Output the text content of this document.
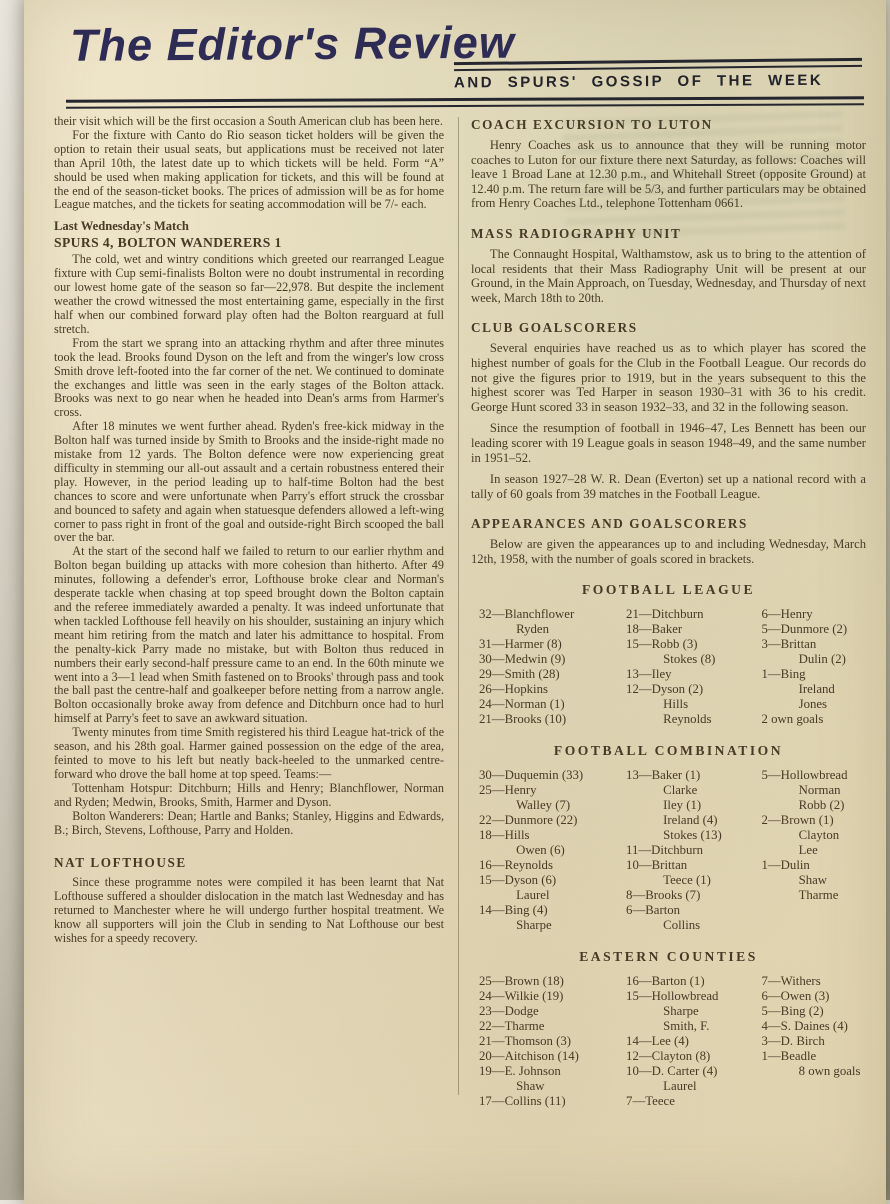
The Editor's Review
AND SPURS' GOSSIP OF THE WEEK
their visit which will be the first occasion a South American club has been here.
For the fixture with Canto do Rio season ticket holders will be given the option to retain their usual seats, but applications must be received not later than April 10th, the latest date up to which tickets will be held. Form “A” should be used when making application for tickets, and this will be found at the end of the season-ticket books. The prices of admission will be as for home League matches, and the tickets for seating accommodation will be 7/- each.
Last Wednesday's Match
SPURS 4, BOLTON WANDERERS 1
The cold, wet and wintry conditions which greeted our rearranged League fixture with Cup semi-finalists Bolton were no doubt instrumental in recording our lowest home gate of the season so far—22,978. But despite the inclement weather the crowd witnessed the most entertaining game, especially in the first half when our combined forward play often had the Bolton rearguard at full stretch.
From the start we sprang into an attacking rhythm and after three minutes took the lead. Brooks found Dyson on the left and from the winger's low cross Smith drove left-footed into the far corner of the net. We continued to dominate the exchanges and little was seen in the early stages of the Bolton attack. Brooks was next to go near when he headed into Dean's arms from Harmer's cross.
After 18 minutes we went further ahead. Ryden's free-kick midway in the Bolton half was turned inside by Smith to Brooks and the inside-right made no mistake from 12 yards. The Bolton defence were now experiencing great difficulty in stemming our all-out assault and a certain robustness entered their play. However, in the period leading up to half-time Bolton had the best chances to score and were unfortunate when Parry's effort struck the crossbar and bounced to safety and again when statuesque defenders allowed a left-wing corner to pass right in front of the goal and outside-right Birch scooped the ball over the bar.
At the start of the second half we failed to return to our earlier rhythm and Bolton began building up attacks with more cohesion than hitherto. After 49 minutes, following a defender's error, Lofthouse broke clear and Norman's desperate tackle when chasing at top speed brought down the Bolton captain and the referee immediately awarded a penalty. It was indeed unfortunate that when tackled Lofthouse fell heavily on his shoulder, sustaining an injury which meant him retiring from the match and later his admittance to hospital. From the penalty-kick Parry made no mistake, but with Bolton thus reduced in numbers their early second-half pressure came to an end. In the 60th minute we went into a 3—1 lead when Smith fastened on to Brooks' through pass and took the ball past the centre-half and goalkeeper before netting from a narrow angle. Bolton occasionally broke away from defence and Ditchburn once had to hurl himself at Parry's feet to save an awkward situation.
Twenty minutes from time Smith registered his third League hat-trick of the season, and his 28th goal. Harmer gained possession on the edge of the area, feinted to move to his left but neatly back-heeled to the unmarked centre-forward who drove the ball home at top speed. Teams:—
Tottenham Hotspur: Ditchburn; Hills and Henry; Blanchflower, Norman and Ryden; Medwin, Brooks, Smith, Harmer and Dyson.
Bolton Wanderers: Dean; Hartle and Banks; Stanley, Higgins and Edwards, B.; Birch, Stevens, Lofthouse, Parry and Holden.
NAT LOFTHOUSE
Since these programme notes were compiled it has been learnt that Nat Lofthouse suffered a shoulder dislocation in the match last Wednesday and has returned to Manchester where he will undergo further hospital treatment. We know all supporters will join the Club in sending to Nat Lofthouse our best wishes for a speedy recovery.
COACH EXCURSION TO LUTON
Henry Coaches ask us to announce that they will be running motor coaches to Luton for our fixture there next Saturday, as follows: Coaches will leave 1 Broad Lane at 12.30 p.m., and Whitehall Street (opposite Ground) at 12.40 p.m. The return fare will be 5/3, and further particulars may be obtained from Henry Coaches Ltd., telephone Tottenham 0661.
MASS RADIOGRAPHY UNIT
The Connaught Hospital, Walthamstow, ask us to bring to the attention of local residents that their Mass Radiography Unit will be present at our Ground, in the Main Approach, on Tuesday, Wednesday, and Thursday of next week, March 18th to 20th.
CLUB GOALSCORERS
Several enquiries have reached us as to which player has scored the highest number of goals for the Club in the Football League. Our records do not give the figures prior to 1919, but in the years subsequent to this the highest scorer was Ted Harper in season 1930–31 with 36 to his credit. George Hunt scored 33 in season 1932–33, and 32 in the following season.
Since the resumption of football in 1946–47, Les Bennett has been our leading scorer with 19 League goals in season 1948–49, and the same number in 1951–52.
In season 1927–28 W. R. Dean (Everton) set up a national record with a tally of 60 goals from 39 matches in the Football League.
APPEARANCES AND GOALSCORERS
Below are given the appearances up to and including Wednesday, March 12th, 1958, with the number of goals scored in brackets.
FOOTBALL LEAGUE
32—Blanchflower
Ryden
31—Harmer (8)
30—Medwin (9)
29—Smith (28)
26—Hopkins
24—Norman (1)
21—Brooks (10)
21—Ditchburn
18—Baker
15—Robb (3)
Stokes (8)
13—Iley
12—Dyson (2)
Hills
Reynolds
6—Henry
5—Dunmore (2)
3—Brittan
Dulin (2)
1—Bing
Ireland
Jones
2 own goals
FOOTBALL COMBINATION
30—Duquemin (33)
25—Henry
Walley (7)
22—Dunmore (22)
18—Hills
Owen (6)
16—Reynolds
15—Dyson (6)
Laurel
14—Bing (4)
Sharpe
13—Baker (1)
Clarke
Iley (1)
Ireland (4)
Stokes (13)
11—Ditchburn
10—Brittan
Teece (1)
8—Brooks (7)
6—Barton
Collins
5—Hollowbread
Norman
Robb (2)
2—Brown (1)
Clayton
Lee
1—Dulin
Shaw
Tharme
EASTERN COUNTIES
25—Brown (18)
24—Wilkie (19)
23—Dodge
22—Tharme
21—Thomson (3)
20—Aitchison (14)
19—E. Johnson
Shaw
17—Collins (11)
16—Barton (1)
15—Hollowbread
Sharpe
Smith, F.
14—Lee (4)
12—Clayton (8)
10—D. Carter (4)
Laurel
7—Teece
7—Withers
6—Owen (3)
5—Bing (2)
4—S. Daines (4)
3—D. Birch
1—Beadle
8 own goals
